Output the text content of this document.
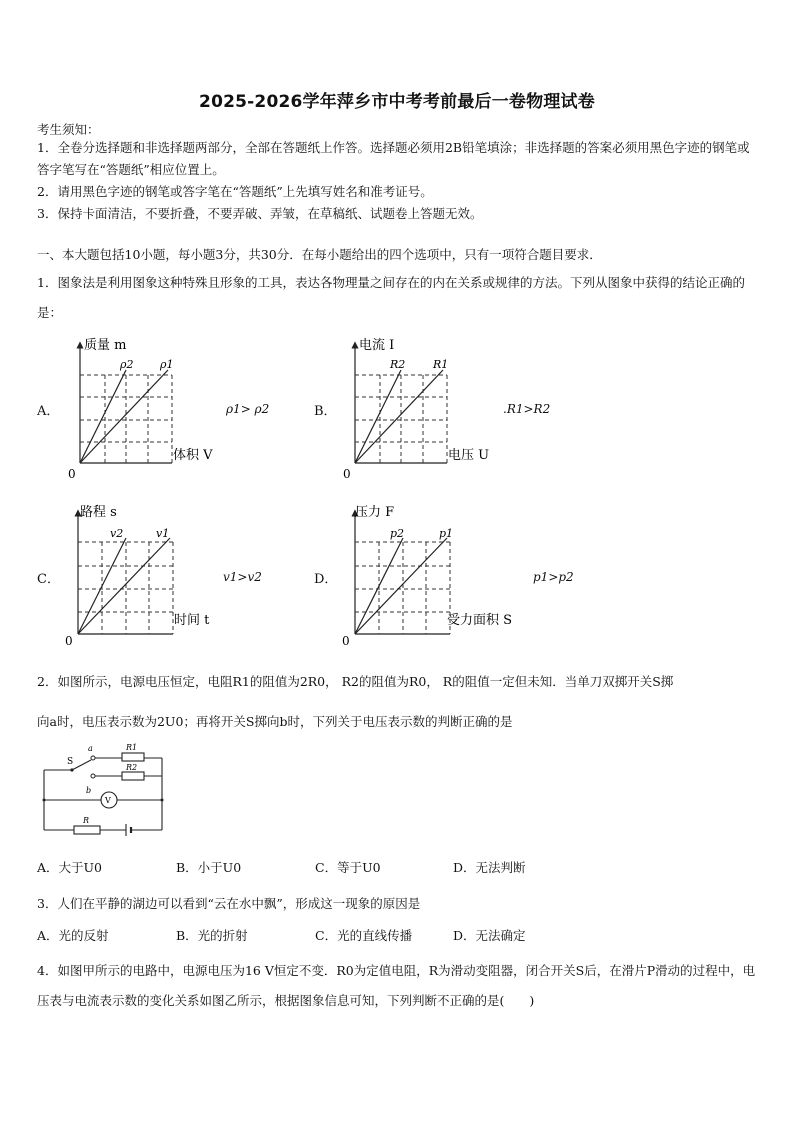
2025-2026学年萍乡市中考考前最后一卷物理试卷
考生须知：
1．全卷分选择题和非选择题两部分，全部在答题纸上作答。选择题必须用2B铅笔填涂；非选择题的答案必须用黑色字迹的钢笔或答字笔写在“答题纸”相应位置上。
2．请用黑色字迹的钢笔或答字笔在“答题纸”上先填写姓名和准考证号。
3．保持卡面清洁，不要折叠，不要弄破、弄皱，在草稿纸、试题卷上答题无效。
一、本大题包括10小题，每小题3分，共30分．在每小题给出的四个选项中，只有一项符合题目要求．
1．图象法是利用图象这种特殊且形象的工具，表达各物理量之间存在的内在关系或规律的方法。下列从图象中获得的结论正确的是：
A．
质量 m
ρ2 ρ1
体积 V
0
ρ1> ρ2	B．
电流 I
R2	R1
电压 U
0
.R1>R2
C．
路程 s
v2	v1
时间 t
0
v1>v2	D．
压力 F
p2	p1
受力面积 S
0
p1>p2
2．如图所示，电源电压恒定，电阻R1的阻值为2R0， R2的阻值为R0， R的阻值一定但未知．当单刀双掷开关S掷
向a时，电压表示数为2U0；再将开关S掷向b时，下列关于电压表示数的判断正确的是
S
a
b
R1
R2
V
R
A．大于U0	B．小于U0	C．等于U0	D．无法判断
3．人们在平静的湖边可以看到“云在水中飘”，形成这一现象的原因是
A．光的反射	B．光的折射	C．光的直线传播	D．无法确定
4．如图甲所示的电路中，电源电压为16 V恒定不变．R0为定值电阻，R为滑动变阻器，闭合开关S后，在滑片P滑动的过程中，电压表与电流表示数的变化关系如图乙所示，根据图象信息可知，下列判断不正确的是(　　)
